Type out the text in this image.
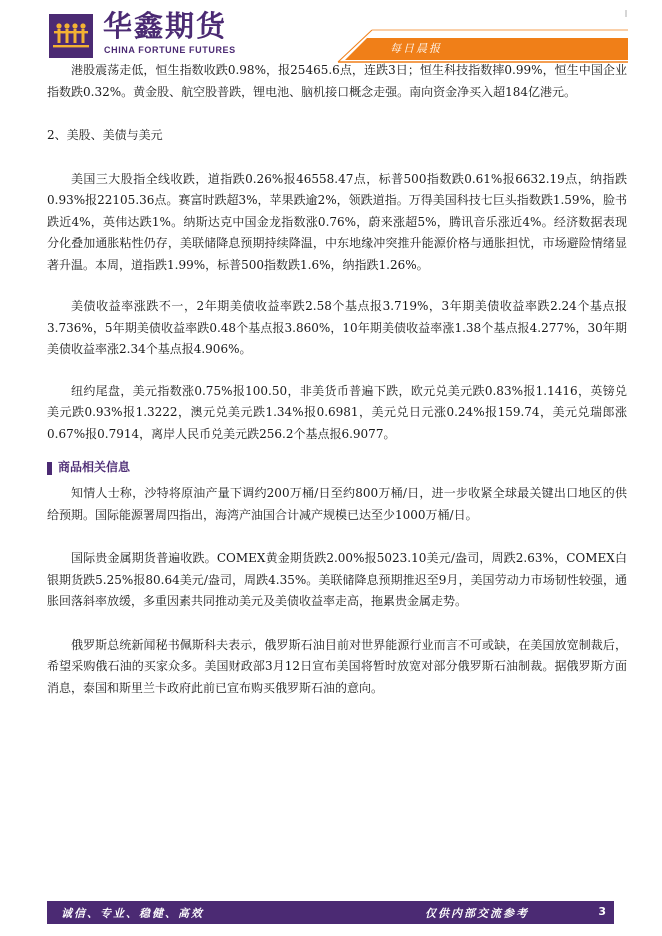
华鑫期货
CHINA FORTUNE FUTURES	每日晨报

港股震荡走低，恒生指数收跌0.98%，报25465.6点，连跌3日；恒生科技指数摔0.99%，恒生中国企业指数跌0.32%。黄金股、航空股普跌，锂电池、脑机接口概念走强。南向资金净买入超184亿港元。

2、美股、美债与美元

美国三大股指全线收跌，道指跌0.26%报46558.47点，标普500指数跌0.61%报6632.19点，纳指跌0.93%报22105.36点。赛富时跌超3%，苹果跌逾2%，领跌道指。万得美国科技七巨头指数跌1.59%，脸书跌近4%，英伟达跌1%。纳斯达克中国金龙指数涨0.76%，蔚来涨超5%，腾讯音乐涨近4%。经济数据表现分化叠加通胀粘性仍存，美联储降息预期持续降温，中东地缘冲突推升能源价格与通胀担忧，市场避险情绪显著升温。本周，道指跌1.99%，标普500指数跌1.6%，纳指跌1.26%。

美债收益率涨跌不一，2年期美债收益率跌2.58个基点报3.719%，3年期美债收益率跌2.24个基点报3.736%，5年期美债收益率跌0.48个基点报3.860%，10年期美债收益率涨1.38个基点报4.277%，30年期美债收益率涨2.34个基点报4.906%。

纽约尾盘，美元指数涨0.75%报100.50，非美货币普遍下跌，欧元兑美元跌0.83%报1.1416，英镑兑美元跌0.93%报1.3222，澳元兑美元跌1.34%报0.6981，美元兑日元涨0.24%报159.74，美元兑瑞郎涨0.67%报0.7914，离岸人民币兑美元跌256.2个基点报6.9077。

商品相关信息

知情人士称，沙特将原油产量下调约200万桶/日至约800万桶/日，进一步收紧全球最关键出口地区的供给预期。国际能源署周四指出，海湾产油国合计减产规模已达至少1000万桶/日。

国际贵金属期货普遍收跌。COMEX黄金期货跌2.00%报5023.10美元/盎司，周跌2.63%，COMEX白银期货跌5.25%报80.64美元/盎司，周跌4.35%。美联储降息预期推迟至9月，美国劳动力市场韧性较强，通胀回落斜率放缓，多重因素共同推动美元及美债收益率走高，拖累贵金属走势。

俄罗斯总统新闻秘书佩斯科夫表示，俄罗斯石油目前对世界能源行业而言不可或缺，在美国放宽制裁后，希望采购俄石油的买家众多。美国财政部3月12日宣布美国将暂时放宽对部分俄罗斯石油制裁。据俄罗斯方面消息，泰国和斯里兰卡政府此前已宣布购买俄罗斯石油的意向。

诚信、专业、稳健、高效	仅供内部交流参考	3
